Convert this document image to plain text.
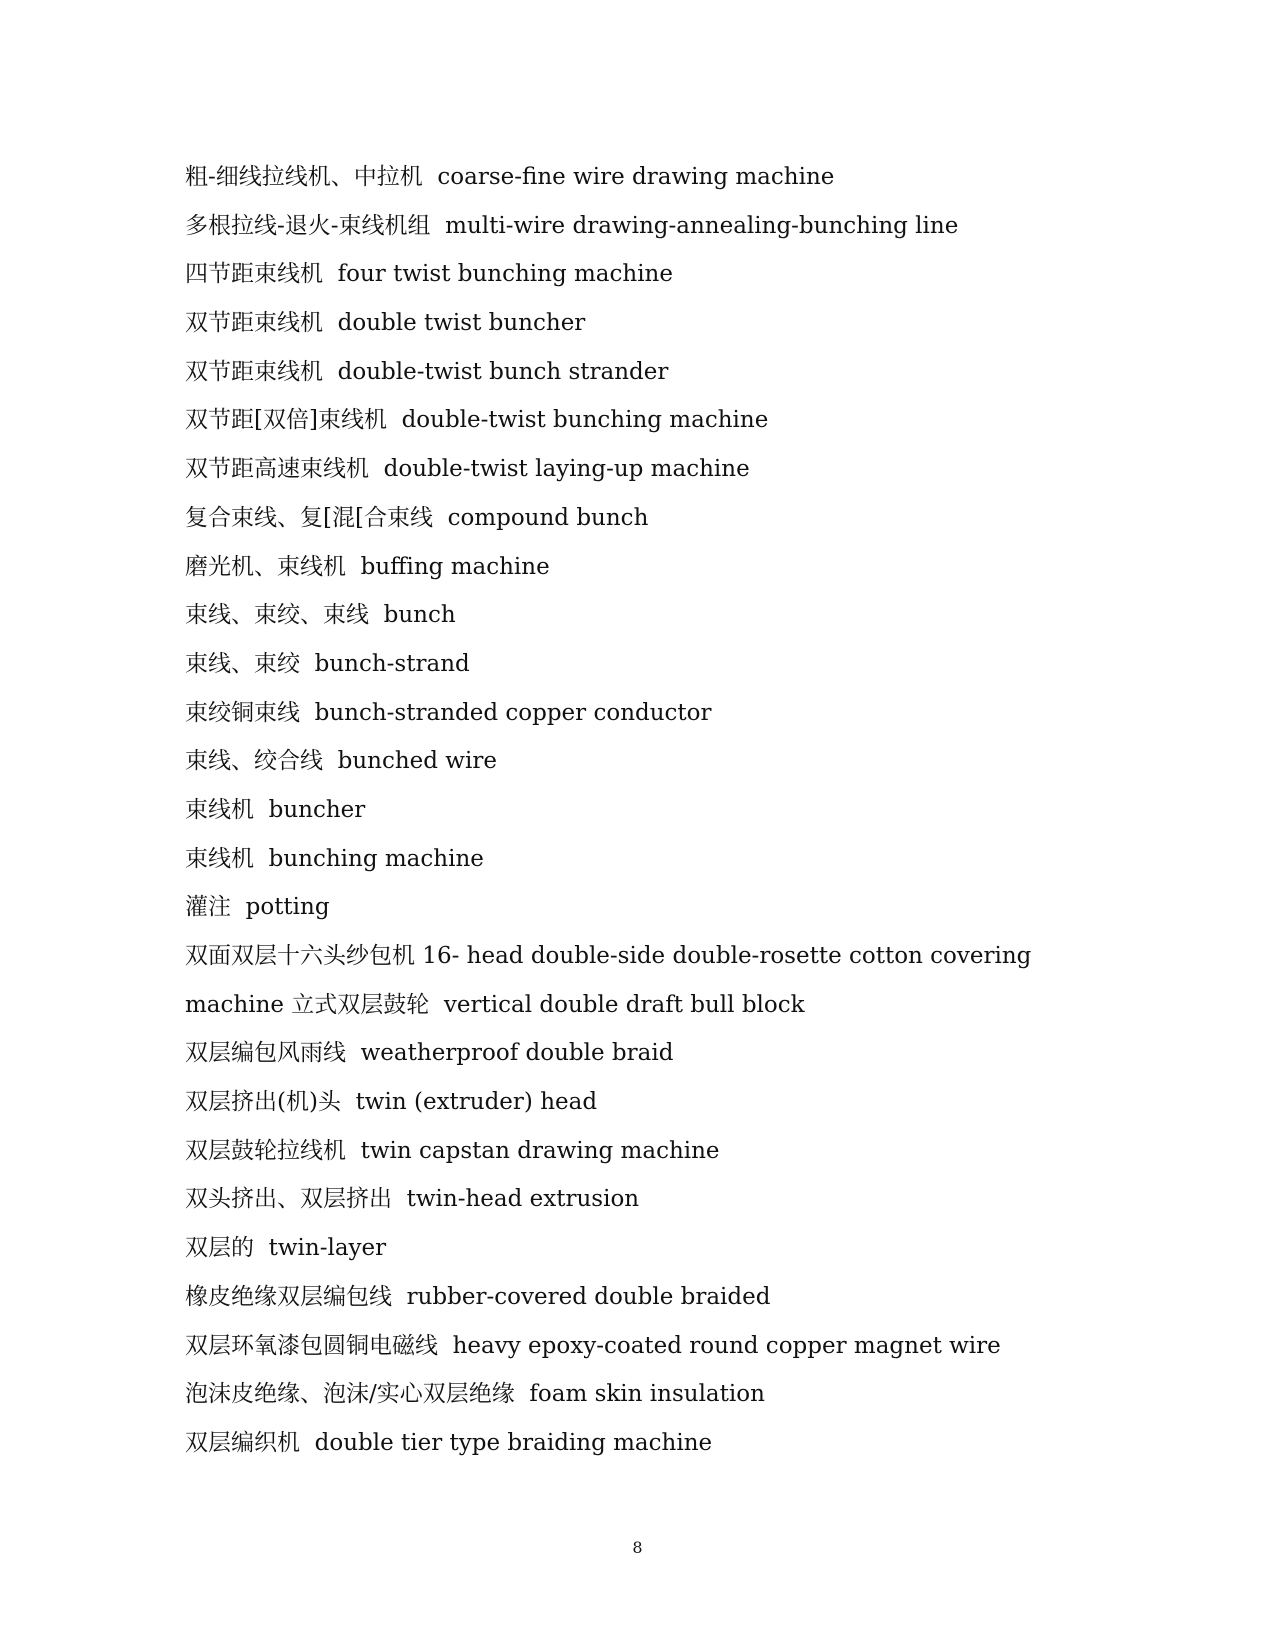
粗-细线拉线机、中拉机  coarse-fine wire drawing machine
多根拉线-退火-束线机组  multi-wire drawing-annealing-bunching line
四节距束线机  four twist bunching machine
双节距束线机  double twist buncher
双节距束线机  double-twist bunch strander
双节距[双倍]束线机  double-twist bunching machine
双节距高速束线机  double-twist laying-up machine
复合束线、复[混[合束线  compound bunch
磨光机、束线机  buffing machine
束线、束绞、束线  bunch
束线、束绞  bunch-strand
束绞铜束线  bunch-stranded copper conductor
束线、绞合线  bunched wire
束线机  buncher
束线机  bunching machine
灌注  potting
双面双层十六头纱包机 16- head double-side double-rosette cotton covering
machine 立式双层鼓轮  vertical double draft bull block
双层编包风雨线  weatherproof double braid
双层挤出(机)头  twin (extruder) head
双层鼓轮拉线机  twin capstan drawing machine
双头挤出、双层挤出  twin-head extrusion
双层的  twin-layer
橡皮绝缘双层编包线  rubber-covered double braided
双层环氧漆包圆铜电磁线  heavy epoxy-coated round copper magnet wire
泡沫皮绝缘、泡沫/实心双层绝缘  foam skin insulation
双层编织机  double tier type braiding machine
8
